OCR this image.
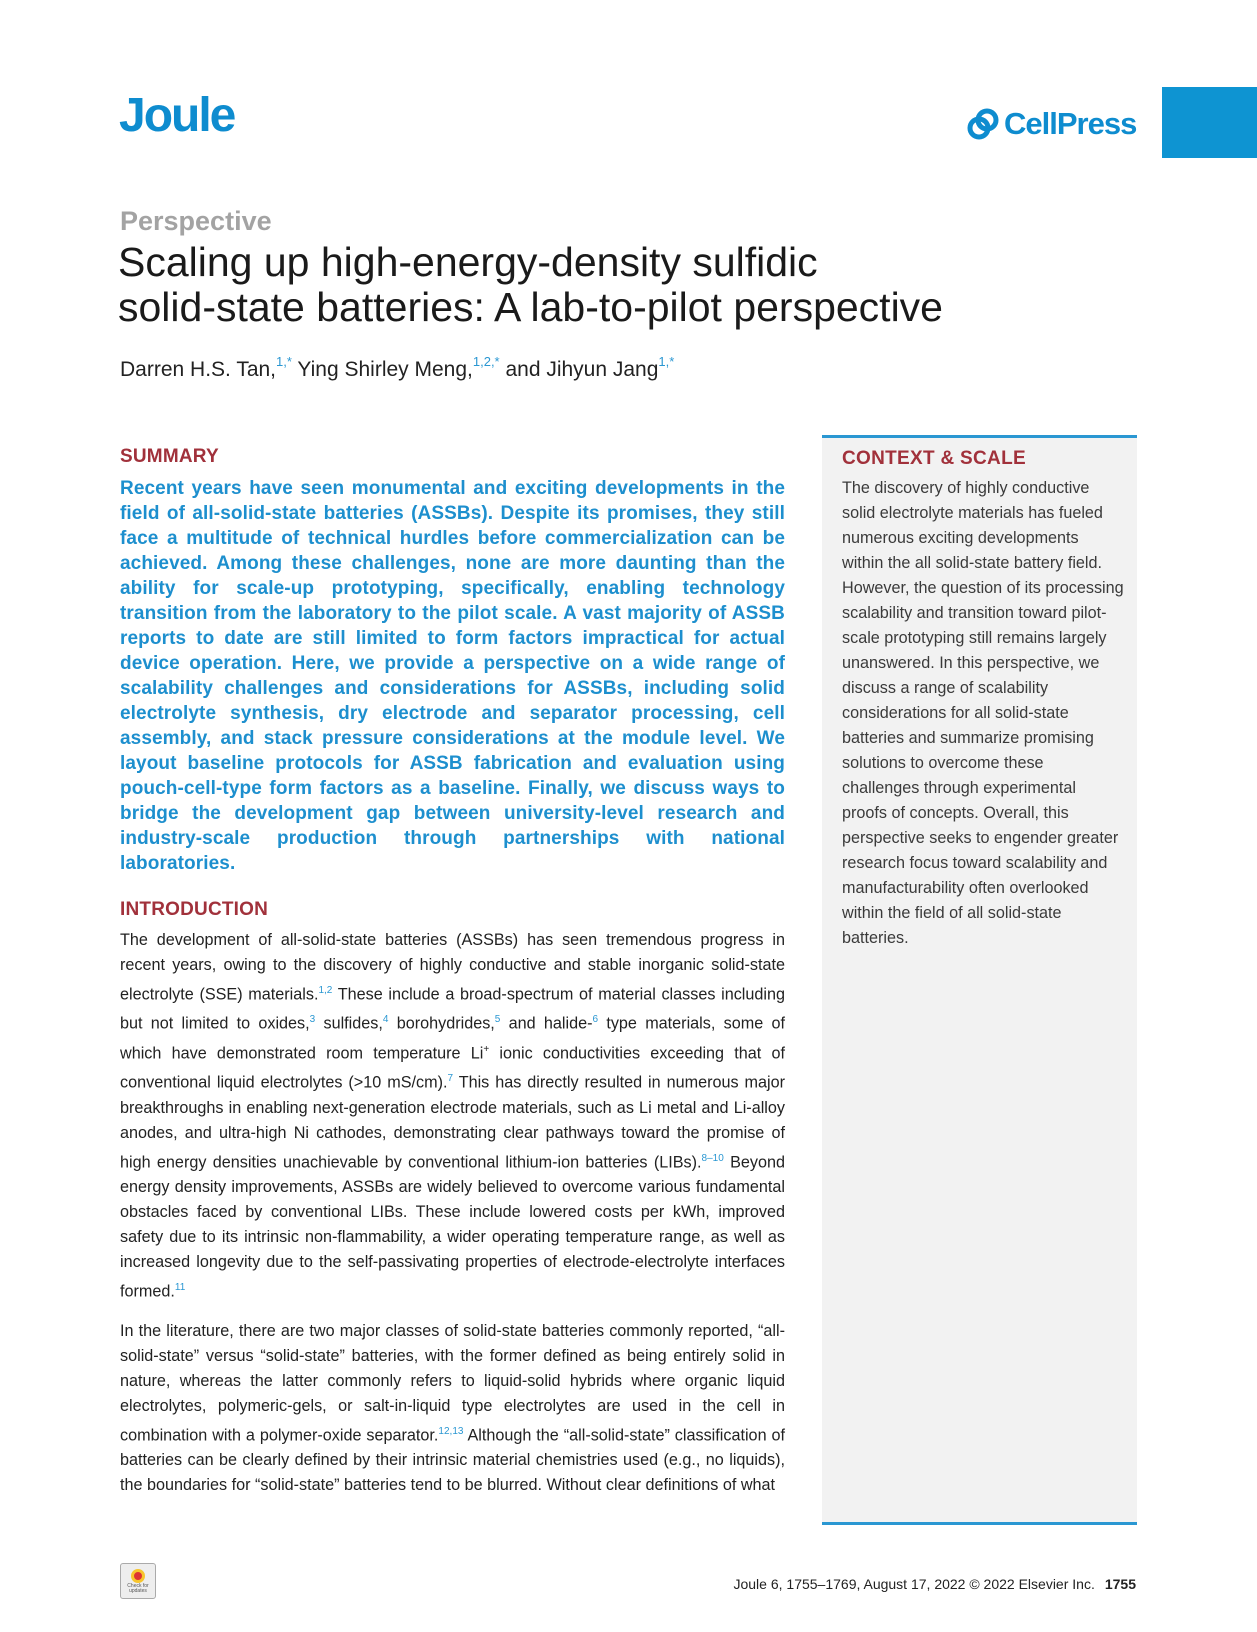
Joule	CellPress
Perspective
Scaling up high-energy-density sulfidic
solid-state batteries: A lab-to-pilot perspective
Darren H.S. Tan,$^{1,*}$ Ying Shirley Meng,$^{1,2,*}$ and Jihyun Jang$^{1,*}$
SUMMARY
Recent years have seen monumental and exciting developments in the field of all-solid-state batteries (ASSBs). Despite its promises, they still face a multitude of technical hurdles before commercialization can be achieved. Among these challenges, none are more daunting than the ability for scale-up prototyping, specifically, enabling technology transition from the laboratory to the pilot scale. A vast majority of ASSB reports to date are still limited to form factors impractical for actual device operation. Here, we provide a perspective on a wide range of scalability challenges and considerations for ASSBs, including solid electrolyte synthesis, dry electrode and separator processing, cell assembly, and stack pressure considerations at the module level. We layout baseline protocols for ASSB fabrication and evaluation using pouch-cell-type form factors as a baseline. Finally, we discuss ways to bridge the development gap between university-level research and industry-scale production through partnerships with national laboratories.
INTRODUCTION
The development of all-solid-state batteries (ASSBs) has seen tremendous progress in recent years, owing to the discovery of highly conductive and stable inorganic solid-state electrolyte (SSE) materials.$^{1,2}$ These include a broad-spectrum of material classes including but not limited to oxides,$^3$ sulfides,$^4$ borohydrides,$^5$ and halide-$^6$ type materials, some of which have demonstrated room temperature Li+ ionic conductivities exceeding that of conventional liquid electrolytes (>10 mS/cm).$^7$ This has directly resulted in numerous major breakthroughs in enabling next-generation electrode materials, such as Li metal and Li-alloy anodes, and ultra-high Ni cathodes, demonstrating clear pathways toward the promise of high energy densities unachievable by conventional lithium-ion batteries (LIBs).$^{8-10}$ Beyond energy density improvements, ASSBs are widely believed to overcome various fundamental obstacles faced by conventional LIBs. These include lowered costs per kWh, improved safety due to its intrinsic non-flammability, a wider operating temperature range, as well as increased longevity due to the self-passivating properties of electrode-electrolyte interfaces formed.$^{11}$
In the literature, there are two major classes of solid-state batteries commonly reported, “all-solid-state” versus “solid-state” batteries, with the former defined as being entirely solid in nature, whereas the latter commonly refers to liquid-solid hybrids where organic liquid electrolytes, polymeric-gels, or salt-in-liquid type electrolytes are used in the cell in combination with a polymer-oxide separator.$^{12,13}$ Although the “all-solid-state” classification of batteries can be clearly defined by their intrinsic material chemistries used (e.g., no liquids), the boundaries for “solid-state” batteries tend to be blurred. Without clear definitions of what
CONTEXT & SCALE
The discovery of highly conductive solid electrolyte materials has fueled numerous exciting developments within the all solid-state battery field. However, the question of its processing scalability and transition toward pilot-scale prototyping still remains largely unanswered. In this perspective, we discuss a range of scalability considerations for all solid-state batteries and summarize promising solutions to overcome these challenges through experimental proofs of concepts. Overall, this perspective seeks to engender greater research focus toward scalability and manufacturability often overlooked within the field of all solid-state batteries.
Check for updates	Joule 6, 1755–1769, August 17, 2022 © 2022 Elsevier Inc. 1755
